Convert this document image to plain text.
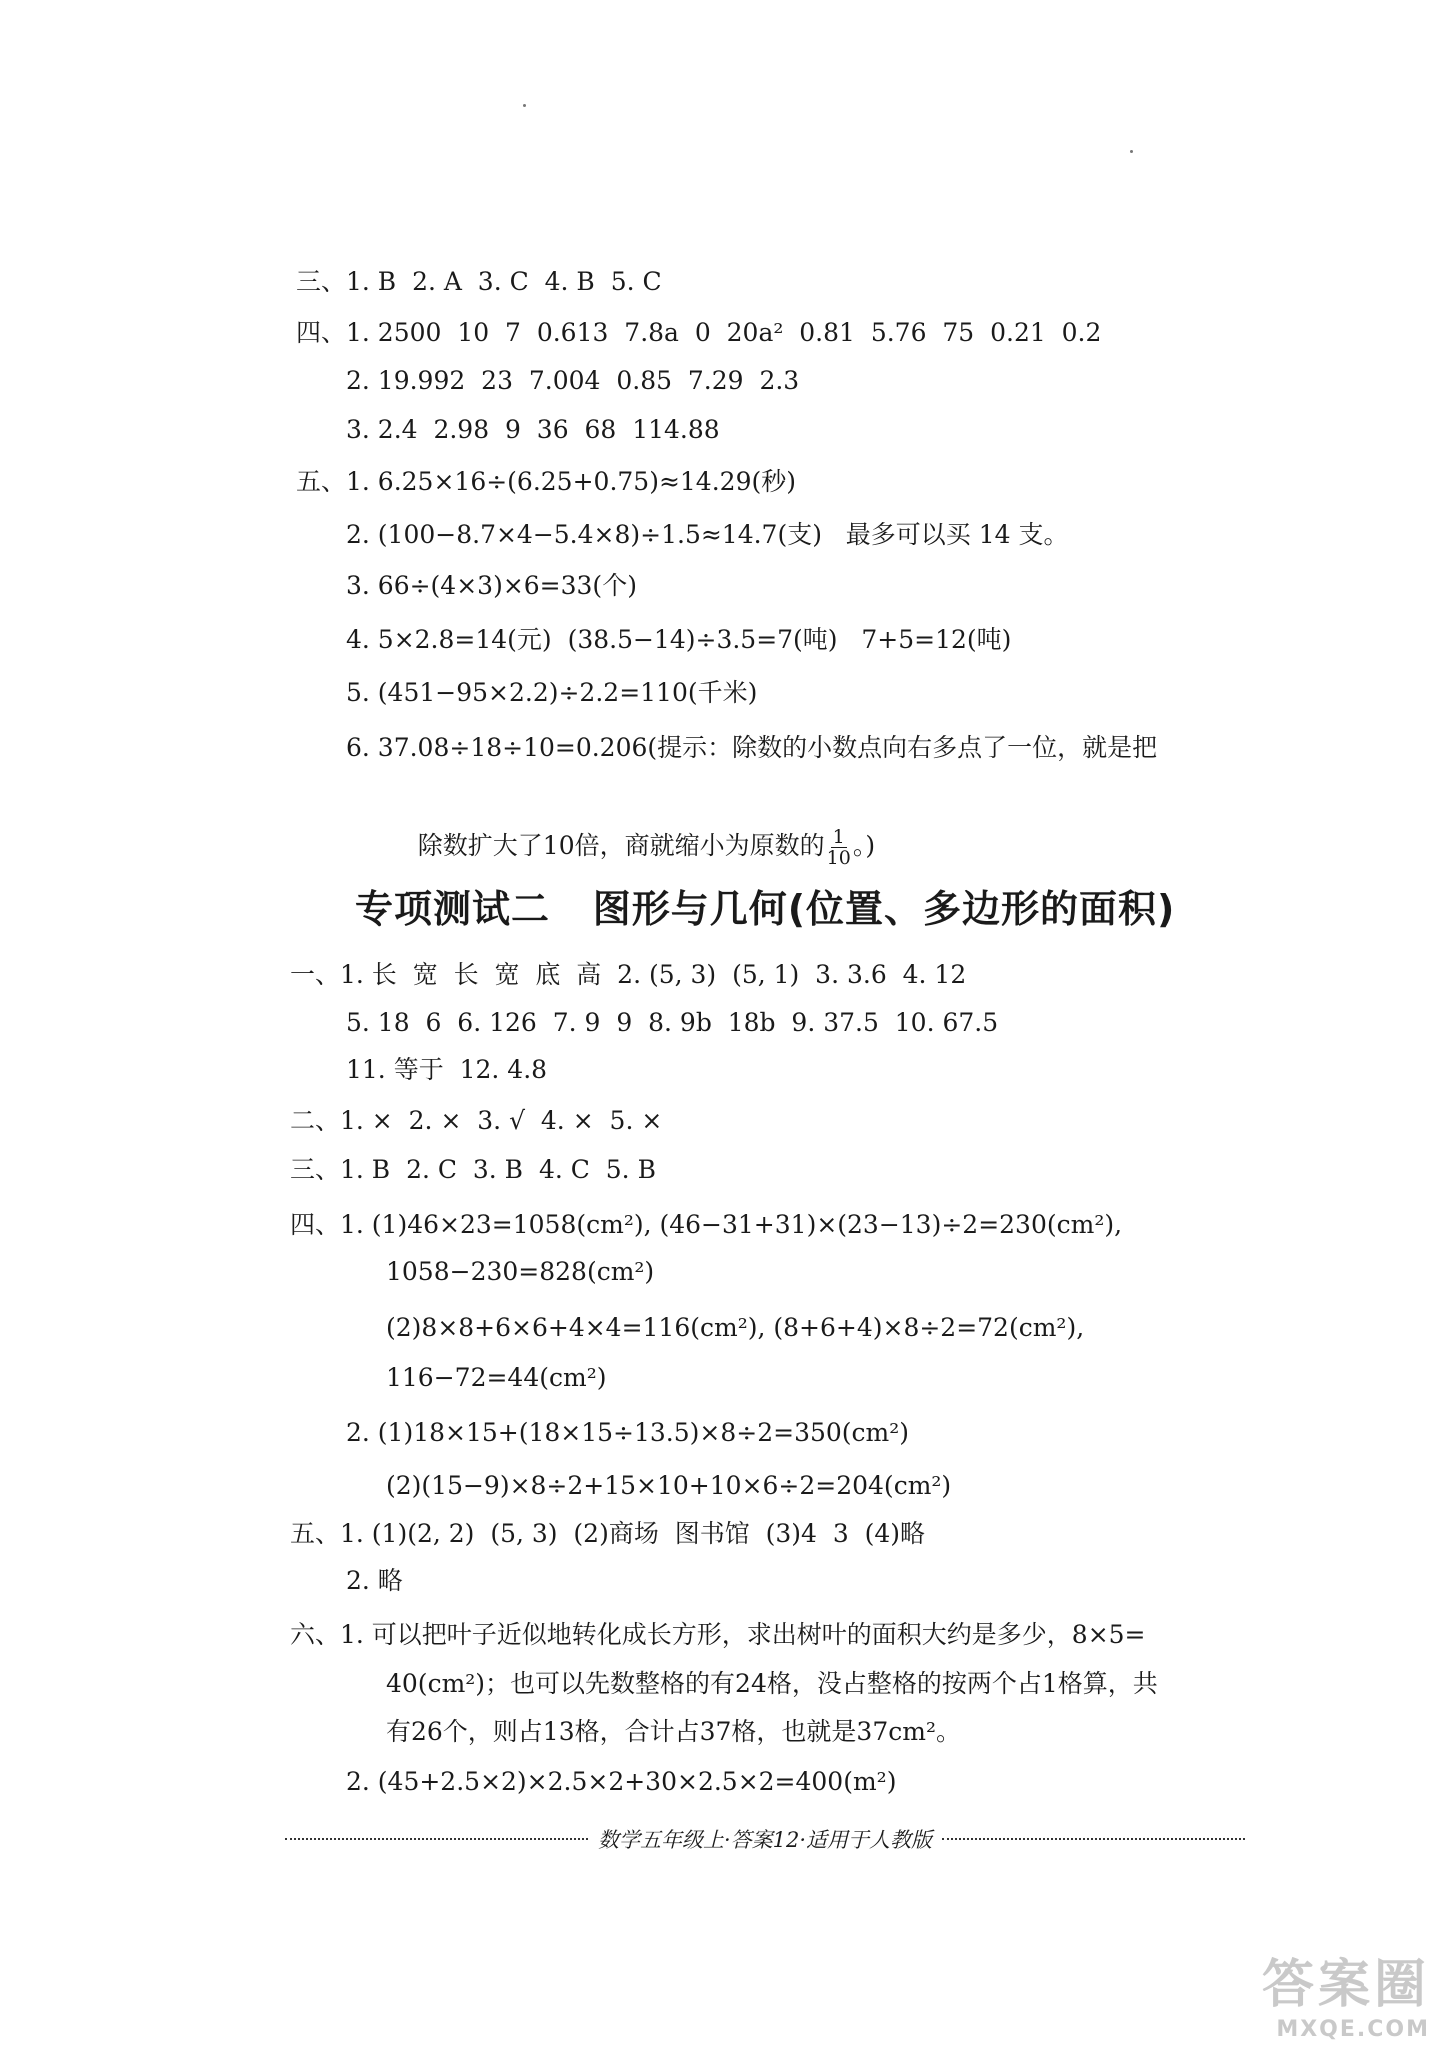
三、1. B  2. A  3. C  4. B  5. C
四、1. 2500  10  7  0.613  7.8a  0  20a²  0.81  5.76  75  0.21  0.2
2. 19.992  23  7.004  0.85  7.29  2.3
3. 2.4  2.98  9  36  68  114.88
五、1. 6.25×16÷(6.25+0.75)≈14.29(秒)
2. (100−8.7×4−5.4×8)÷1.5≈14.7(支)   最多可以买 14 支。
3. 66÷(4×3)×6=33(个)
4. 5×2.8=14(元)  (38.5−14)÷3.5=7(吨)   7+5=12(吨)
5. (451−95×2.2)÷2.2=110(千米)
6. 37.08÷18÷10=0.206(提示：除数的小数点向右多点了一位，就是把

除数扩大了10倍，商就缩小为原数的 $\frac{1}{10}$ 。)

专项测试二   图形与几何(位置、多边形的面积)
一、1. 长  宽  长  宽  底  高  2. (5, 3)  (5, 1)  3. 3.6  4. 12
5. 18  6  6. 126  7. 9  9  8. 9b  18b  9. 37.5  10. 67.5
11. 等于  12. 4.8
二、1. ×  2. ×  3. √  4. ×  5. ×
三、1. B  2. C  3. B  4. C  5. B
四、1. (1)46×23=1058(cm²), (46−31+31)×(23−13)÷2=230(cm²),
1058−230=828(cm²)
(2)8×8+6×6+4×4=116(cm²), (8+6+4)×8÷2=72(cm²),
116−72=44(cm²)
2. (1)18×15+(18×15÷13.5)×8÷2=350(cm²)
(2)(15−9)×8÷2+15×10+10×6÷2=204(cm²)
五、1. (1)(2, 2)  (5, 3)  (2)商场  图书馆  (3)4  3  (4)略
2. 略
六、1. 可以把叶子近似地转化成长方形，求出树叶的面积大约是多少，8×5=
40(cm²)；也可以先数整格的有24格，没占整格的按两个占1格算，共
有26个，则占13格，合计占37格，也就是37cm²。
2. (45+2.5×2)×2.5×2+30×2.5×2=400(m²)
数学五年级上·答案12·适用于人教版
答案圈
MXQE.COM
